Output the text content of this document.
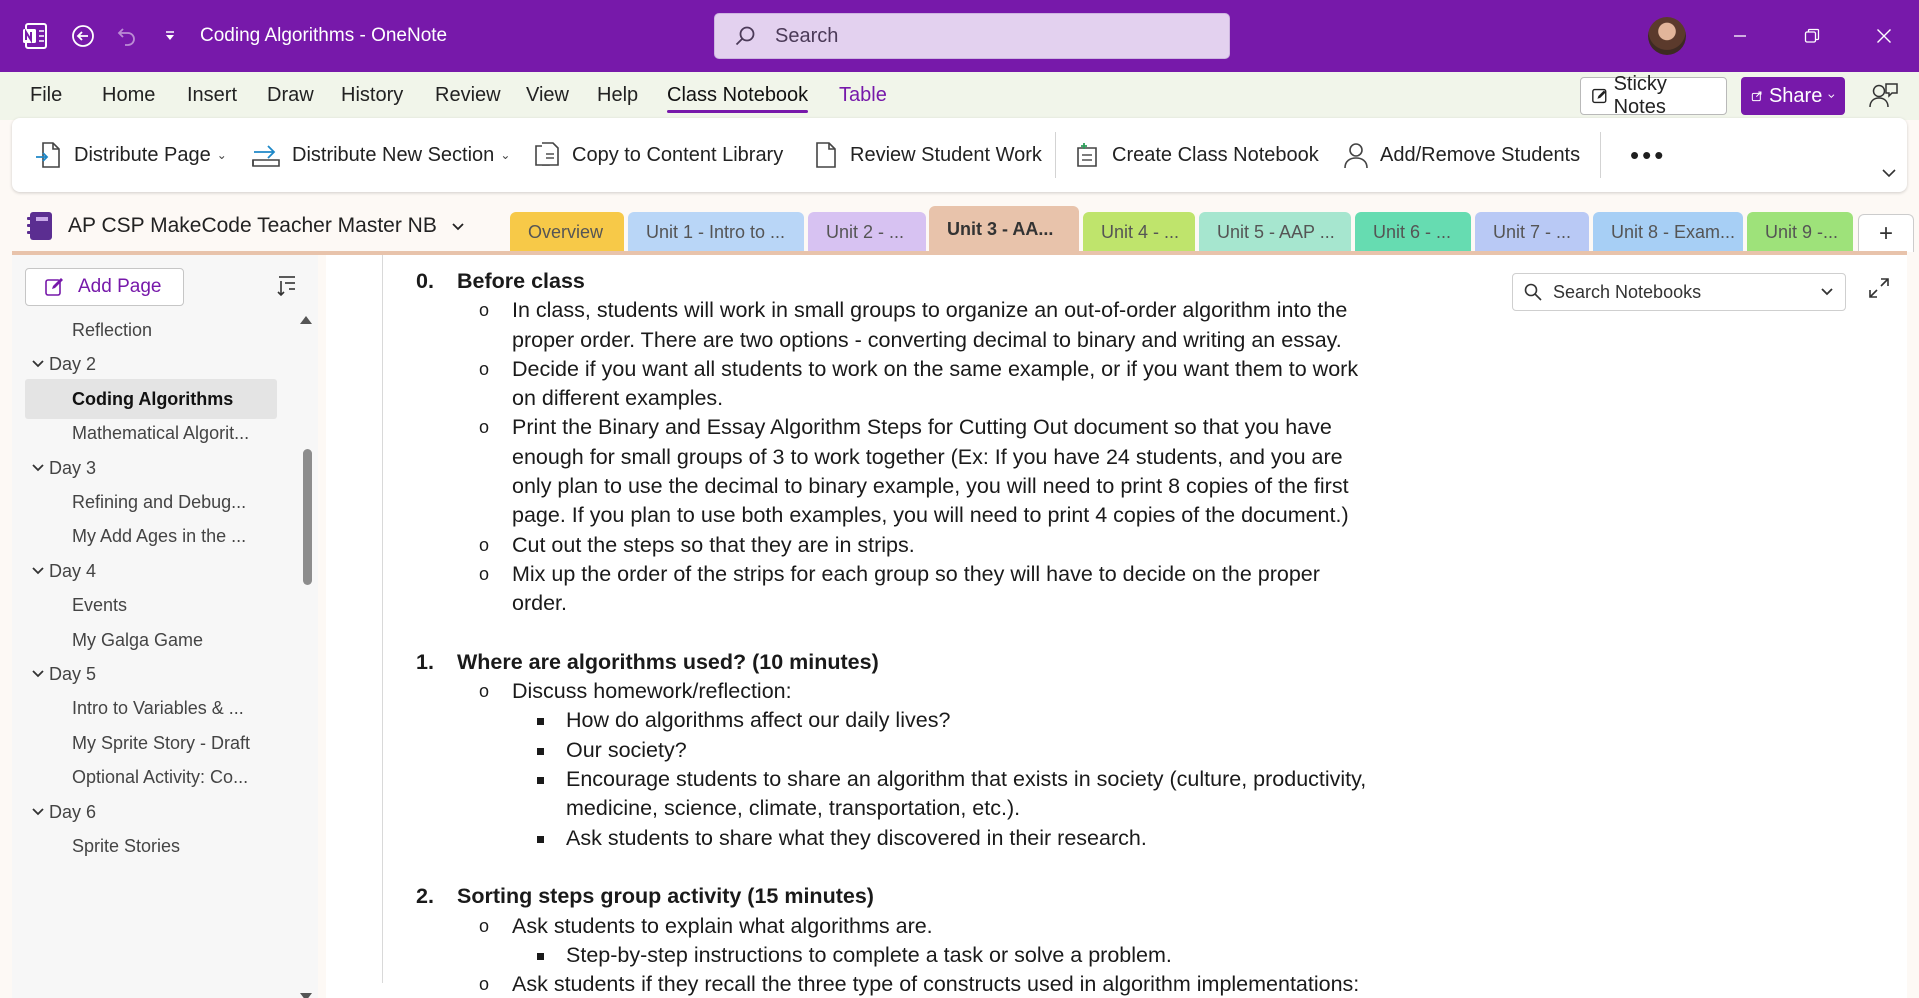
Coding Algorithms - OneNote
Search
File Home Insert Draw History Review View Help Class Notebook Table	Sticky Notes
Share
Distribute Page ⌄	Distribute New Section ⌄	Copy to Content Library	Review Student Work	Create Class Notebook	Add/Remove Students •••
AP CSP MakeCode Teacher Master NB	Overview	Unit 1 - Intro to ...	Unit 2 - ...	Unit 3 - AA...	Unit 4 - ...	Unit 5 - AAP ...	Unit 6 - ...	Unit 7 - ...	Unit 8 - Exam...	Unit 9 -...	+
Add Page
Reflection
Day 2
Coding Algorithms
Mathematical Algorit...
Day 3
Refining and Debug...
My Add Ages in the ...
Day 4
Events
My Galga Game
Day 5
Intro to Variables & ...
My Sprite Story - Draft
Optional Activity: Co...
Day 6
Sprite Stories
0. Before class
o In class, students will work in small groups to organize an out-of-order algorithm into the proper order. There are two options - converting decimal to binary and writing an essay.
o Decide if you want all students to work on the same example, or if you want them to work on different examples.
o Print the Binary and Essay Algorithm Steps for Cutting Out document so that you have enough for small groups of 3 to work together (Ex: If you have 24 students, and you are only plan to use the decimal to binary example, you will need to print 8 copies of the first page. If you plan to use both examples, you will need to print 4 copies of the document.)
o Cut out the steps so that they are in strips.
o Mix up the order of the strips for each group so they will have to decide on the proper order.
1. Where are algorithms used? (10 minutes)
o Discuss homework/reflection:
How do algorithms affect our daily lives?
Our society?
Encourage students to share an algorithm that exists in society (culture, productivity, medicine, science, climate, transportation, etc.).
Ask students to share what they discovered in their research.
2. Sorting steps group activity (15 minutes)
o Ask students to explain what algorithms are.
Step-by-step instructions to complete a task or solve a problem.
o Ask students if they recall the three type of constructs used in algorithm implementations:
Search Notebooks
